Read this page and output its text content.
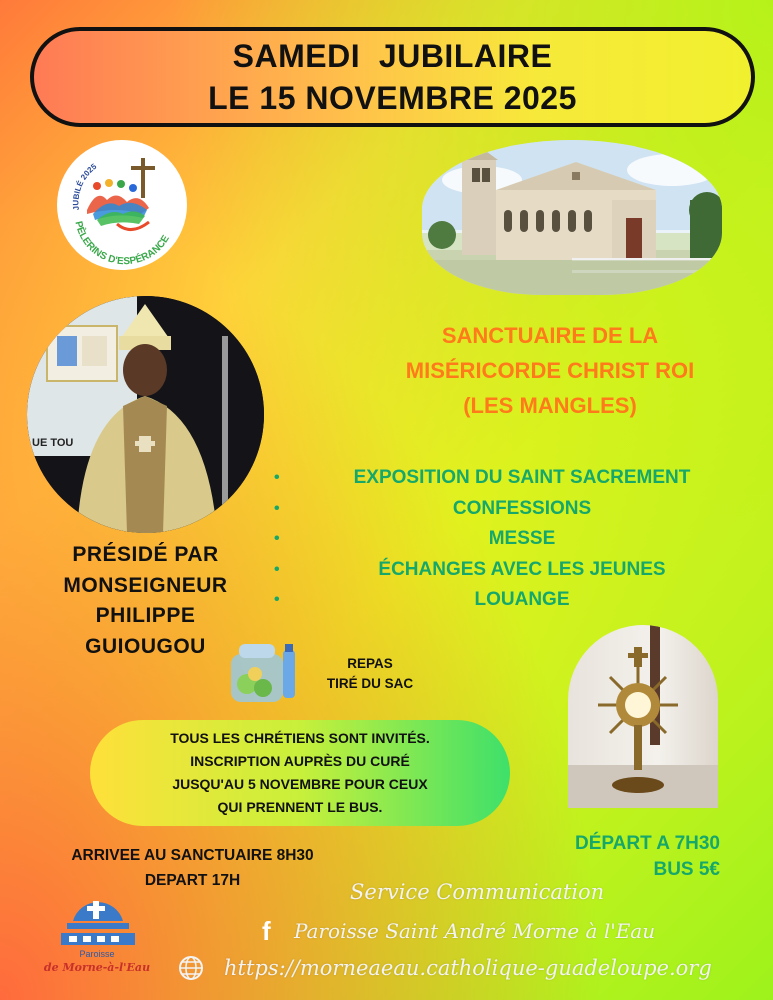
SAMEDI  JUBILAIRE
LE 15 NOVEMBRE 2025
JUBILÉ 2025
PÈLERINS D'ESPÉRANCE
UE TOU
SANCTUAIRE DE LA
MISÉRICORDE CHRIST ROI
(LES MANGLES)
•	EXPOSITION DU SAINT SACREMENT
•	CONFESSIONS
•	MESSE
•	ÉCHANGES AVEC LES JEUNES
•	LOUANGE
PRÉSIDÉ PAR
MONSEIGNEUR
PHILIPPE
GUIOUGOU
REPAS
TIRÉ DU SAC
TOUS LES CHRÉTIENS SONT INVITÉS.
INSCRIPTION AUPRÈS DU CURÉ
JUSQU'AU 5 NOVEMBRE POUR CEUX
QUI PRENNENT LE BUS.
DÉPART A 7H30
BUS 5€
ARRIVEE AU SANCTUAIRE 8H30
DEPART 17H
Paroisse
de Morne-à-l'Eau
Service Communication
f	Paroisse Saint André Morne à l'Eau
https://morneaeau.catholique-guadeloupe.org
